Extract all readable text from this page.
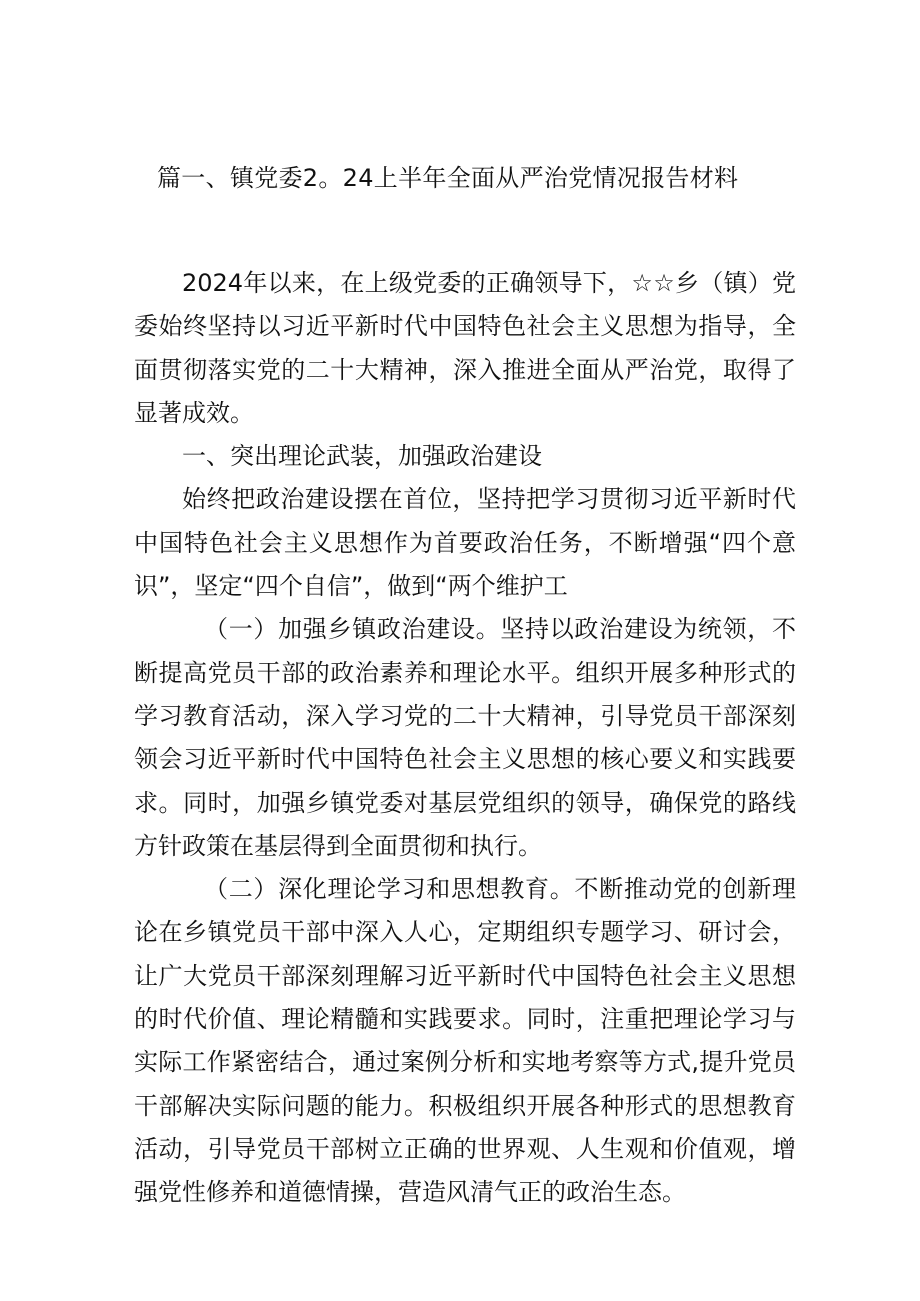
篇一、镇党委2。24上半年全面从严治党情况报告材料

2024年以来，在上级党委的正确领导下，☆☆乡（镇）党委始终坚持以习近平新时代中国特色社会主义思想为指导，全面贯彻落实党的二十大精神，深入推进全面从严治党，取得了显著成效。

一、突出理论武装，加强政治建设

始终把政治建设摆在首位，坚持把学习贯彻习近平新时代中国特色社会主义思想作为首要政治任务，不断增强“四个意识”，坚定“四个自信”，做到“两个维护工

（一）加强乡镇政治建设。坚持以政治建设为统领，不断提高党员干部的政治素养和理论水平。组织开展多种形式的学习教育活动，深入学习党的二十大精神，引导党员干部深刻领会习近平新时代中国特色社会主义思想的核心要义和实践要求。同时，加强乡镇党委对基层党组织的领导，确保党的路线方针政策在基层得到全面贯彻和执行。

（二）深化理论学习和思想教育。不断推动党的创新理论在乡镇党员干部中深入人心，定期组织专题学习、研讨会，让广大党员干部深刻理解习近平新时代中国特色社会主义思想的时代价值、理论精髓和实践要求。同时，注重把理论学习与实际工作紧密结合，通过案例分析和实地考察等方式,提升党员干部解决实际问题的能力。积极组织开展各种形式的思想教育活动，引导党员干部树立正确的世界观、人生观和价值观，增强党性修养和道德情操，营造风清气正的政治生态。
